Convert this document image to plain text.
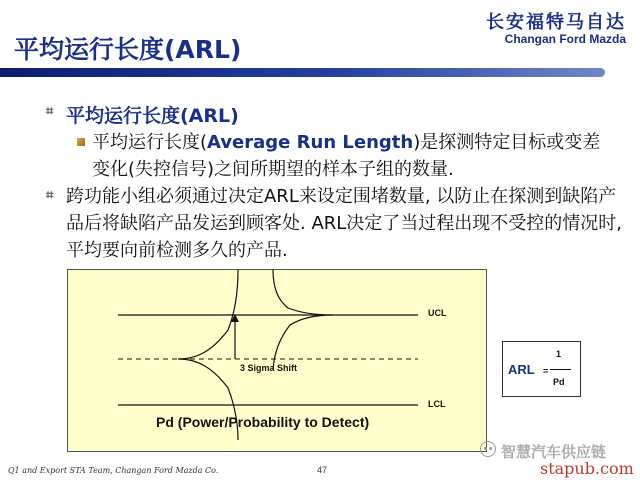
平均运行长度(ARL)
长安福特马自达
Changan Ford Mazda
⌗ 平均运行长度(ARL)
平均运行长度(Average Run Length)是探测特定目标或变差变化(失控信号)之间所期望的样本子组的数量.
⌗ 跨功能小组必须通过决定ARL来设定围堵数量, 以防止在探测到缺陷产品后将缺陷产品发运到顾客处. ARL决定了当过程出现不受控的情况时,平均要向前检测多久的产品.
UCL
LCL
3 Sigma Shift
Pd (Power/Probability to Detect)
ARL =
1
Pd
Q1 and Export STA Team, Changan Ford Mazda Co.	47
智慧汽车供应链
stapub.com
